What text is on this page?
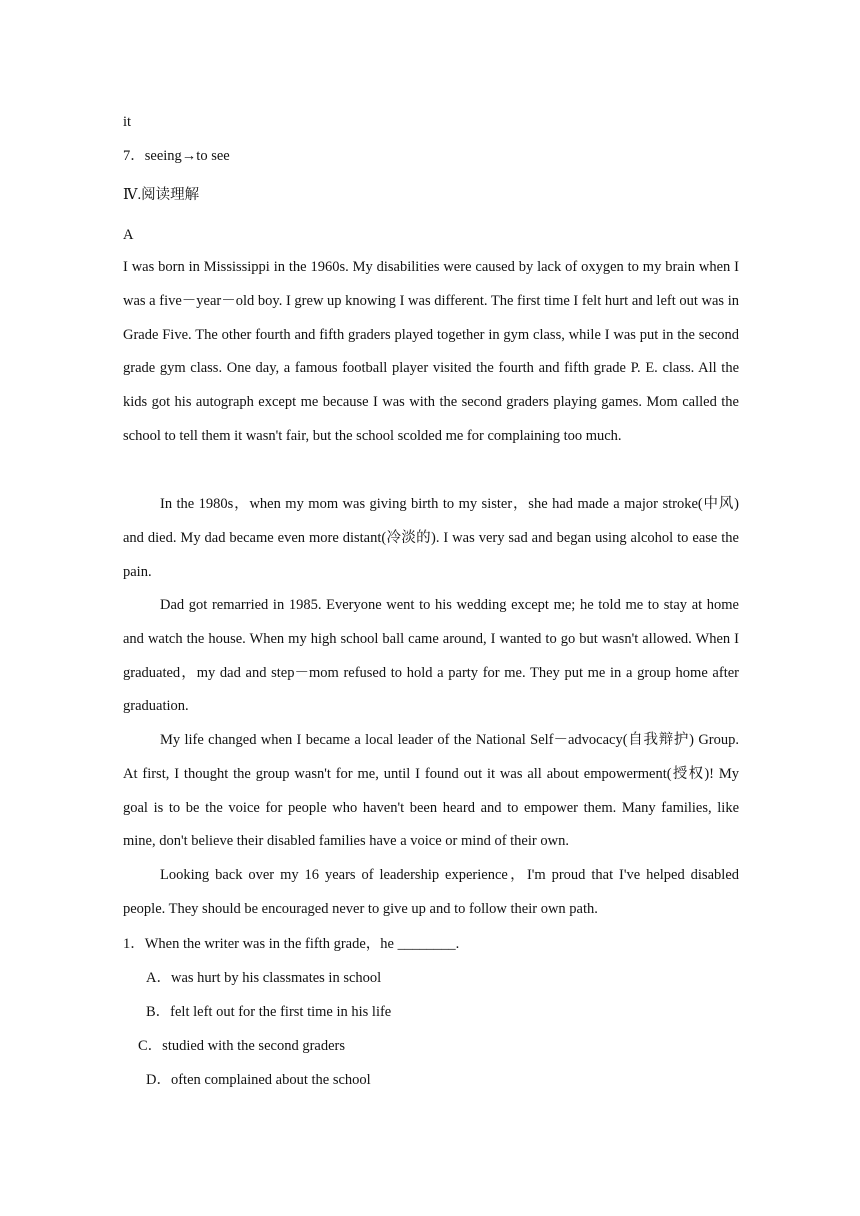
it
7．seeing→to see
Ⅳ.阅读理解
A

I was born in Mississippi in the 1960s. My disabilities were caused by lack of oxygen to my brain when I was a five－year－old boy. I grew up knowing I was different. The first time I felt hurt and left out was in Grade Five. The other fourth and fifth graders played together in gym class, while I was put in the second grade gym class. One day, a famous football player visited the fourth and fifth grade P. E. class. All the kids got his autograph except me because I was with the second graders playing games. Mom called the school to tell them it wasn't fair, but the school scolded me for complaining too much.

In the 1980s，when my mom was giving birth to my sister，she had made a major stroke(中风) and died. My dad became even more distant(冷淡的). I was very sad and began using alcohol to ease the pain.

Dad got remarried in 1985. Everyone went to his wedding except me; he told me to stay at home and watch the house. When my high school ball came around, I wanted to go but wasn't allowed. When I graduated，my dad and step－mom refused to hold a party for me. They put me in a group home after graduation.

My life changed when I became a local leader of the National Self－advocacy(自我辩护) Group. At first, I thought the group wasn't for me, until I found out it was all about empowerment(授权)! My goal is to be the voice for people who haven't been heard and to empower them. Many families, like mine, don't believe their disabled families have a voice or mind of their own.

Looking back over my 16 years of leadership experience，I'm proud that I've helped disabled people. They should be encouraged never to give up and to follow their own path.

1．When the writer was in the fifth grade，he ________.
A．was hurt by his classmates in school
B．felt left out for the first time in his life
C．studied with the second graders
D．often complained about the school
